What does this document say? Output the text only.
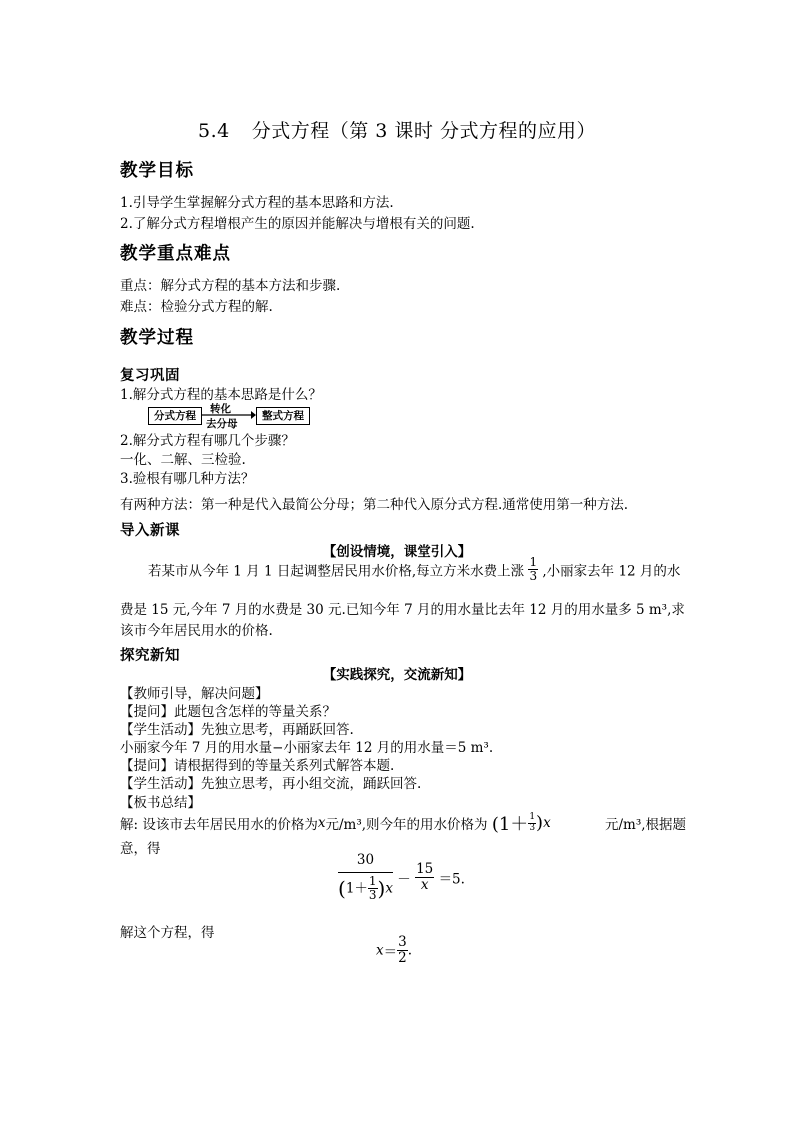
5.4 分式方程（第 3 课时 分式方程的应用）
教学目标
1.引导学生掌握解分式方程的基本思路和方法.
2.了解分式方程增根产生的原因并能解决与增根有关的问题.
教学重点难点
重点：解分式方程的基本方法和步骤.
难点：检验分式方程的解.
教学过程
复习巩固
1.解分式方程的基本思路是什么？
分式方程
转化
去分母
整式方程
2.解分式方程有哪几个步骤？
一化、二解、三检验.
3.验根有哪几种方法？
有两种方法：第一种是代入最简公分母；第二种代入原分式方程.通常使用第一种方法.
导入新课
【创设情境，课堂引入】
若某市从今年 1 月 1 日起调整居民用水价格,每立方米水费上涨 $\frac{1}{3}$ ,小丽家去年 12 月的水
费是 15 元,今年 7 月的水费是 30 元.已知今年 7 月的用水量比去年 12 月的用水量多 5 m³,求
该市今年居民用水的价格.
探究新知
【实践探究，交流新知】
【教师引导，解决问题】
【提问】此题包含怎样的等量关系？
【学生活动】先独立思考，再踊跃回答.
小丽家今年 7 月的用水量−小丽家去年 12 月的用水量＝5 m³.
【提问】请根据得到的等量关系列式解答本题.
【学生活动】先独立思考，再小组交流，踊跃回答.
【板书总结】
解: 设该市去年居民用水的价格为x元/m³,则今年的用水价格为 $(1+ \frac{1}{3} )x$	元/m³,根据题
意，得
$\frac{30}{(1+ \frac{1}{3} )x} - \frac{15}{x} =5$.
解这个方程，得
$x= \frac{3}{2}$ .
